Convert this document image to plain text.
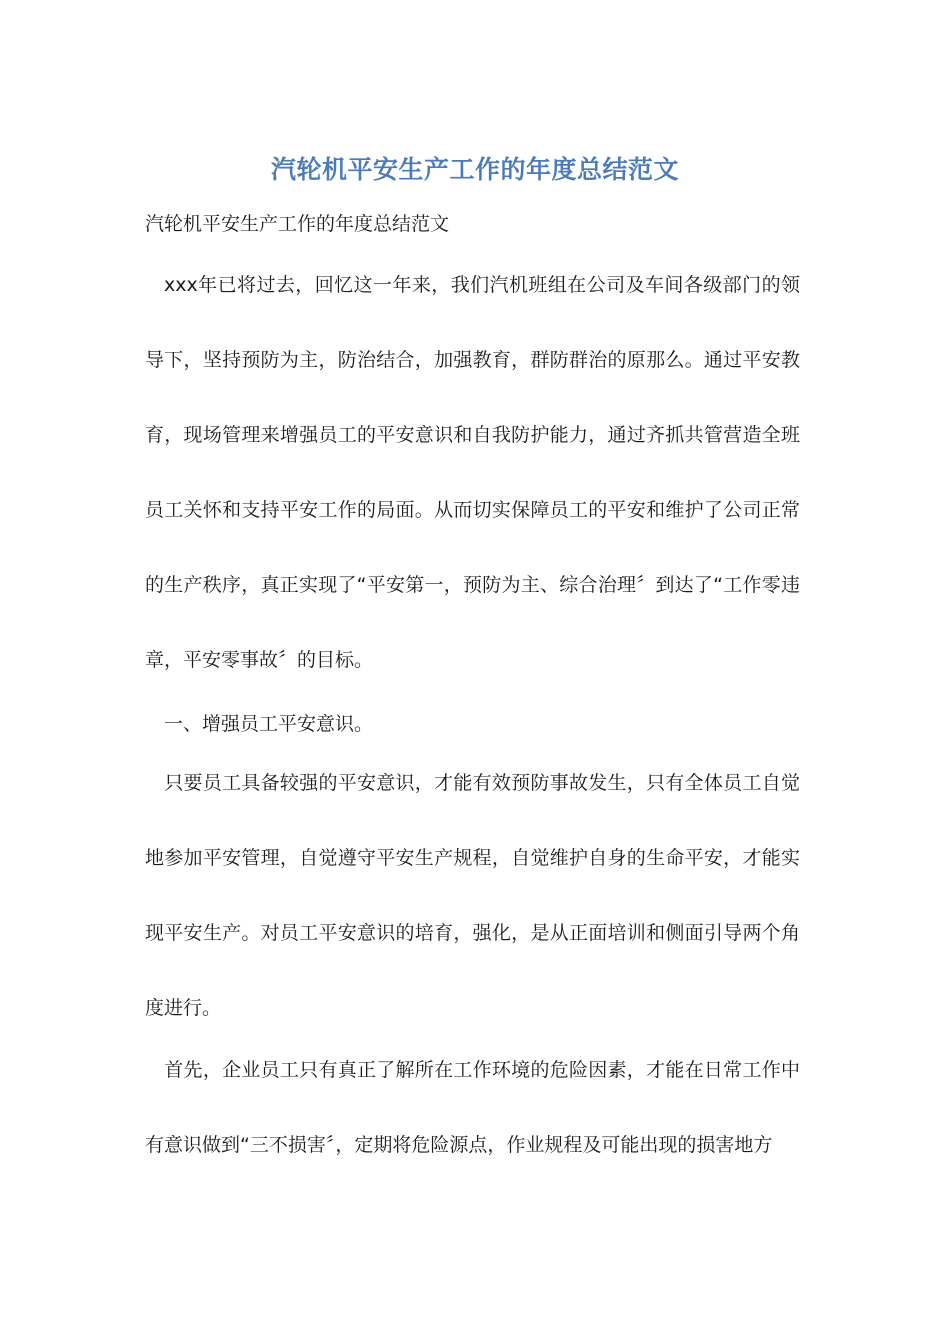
汽轮机平安生产工作的年度总结范文
汽轮机平安生产工作的年度总结范文

xxx年已将过去，回忆这一年来，我们汽机班组在公司及车间各级部门的领导下，坚持预防为主，防治结合，加强教育，群防群治的原那么。通过平安教育，现场管理来增强员工的平安意识和自我防护能力，通过齐抓共管营造全班员工关怀和支持平安工作的局面。从而切实保障员工的平安和维护了公司正常的生产秩序，真正实现了“平安第一，预防为主、综合治理〞到达了“工作零违章，平安零事故〞的目标。

一、增强员工平安意识。

只要员工具备较强的平安意识，才能有效预防事故发生，只有全体员工自觉地参加平安管理，自觉遵守平安生产规程，自觉维护自身的生命平安，才能实现平安生产。对员工平安意识的培育，强化，是从正面培训和侧面引导两个角度进行。

首先，企业员工只有真正了解所在工作环境的危险因素，才能在日常工作中有意识做到“三不损害〞，定期将危险源点，作业规程及可能出现的损害地方
